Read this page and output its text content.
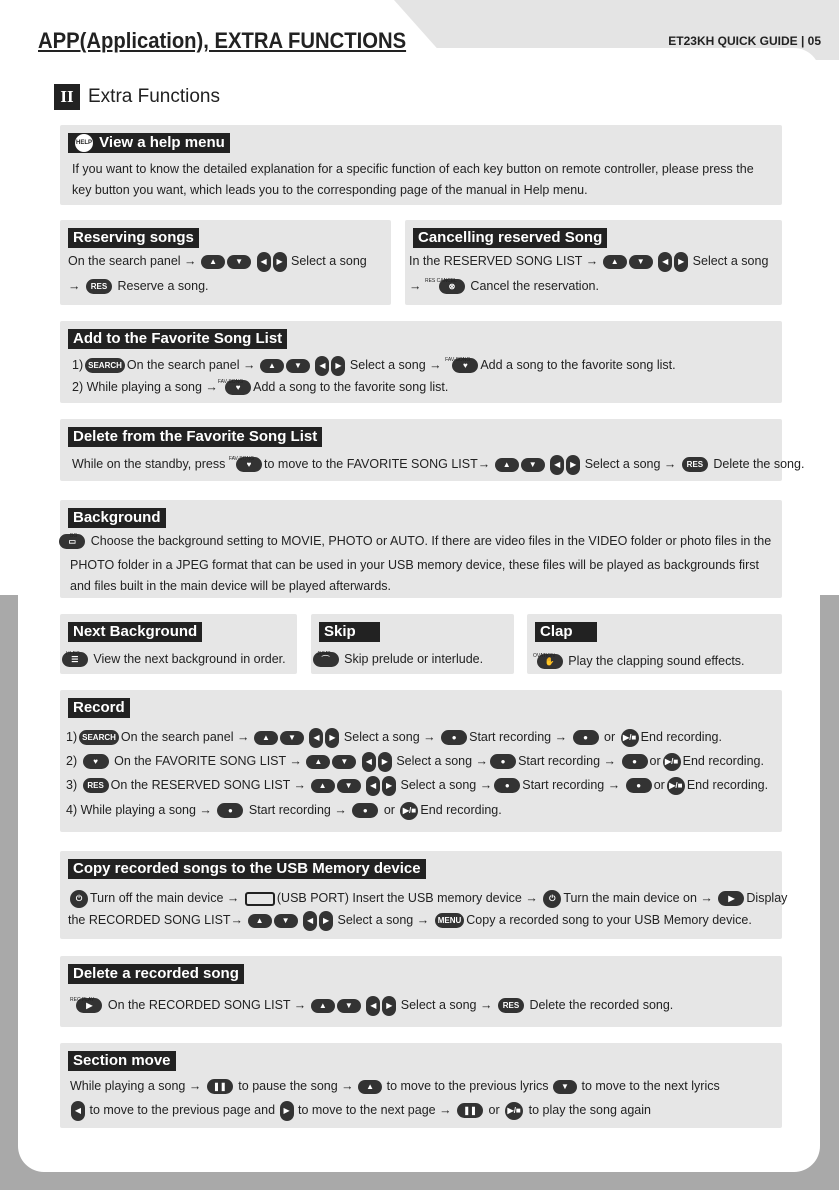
APP(Application), EXTRA FUNCTIONS	ET23KH QUICK GUIDE | 05
II Extra Functions
HELP View a help menu
If you want to know the detailed explanation for a specific function of each key button on remote controller, please press the key button you want, which leads you to the corresponding page of the manual in Help menu.
Reserving songs
On the search panel → ▲ ▼ ◀ ▶ Select a song
→ RES Reserve a song.
Cancelling reserved Song
In the RESERVED SONG LIST → ▲ ▼ ◀ ▶ Select a song
→ $^{RES CANCEL}$⊗ Cancel the reservation.
Add to the Favorite Song List
1) SEARCH On the search panel → ▲ ▼ ◀ ▶ Select a song → $^{FAV-SONG}$♥ Add a song to the favorite song list.
2) While playing a song →$^{FAV-SONG}$♥ Add a song to the favorite song list.
Delete from the Favorite Song List
While on the standby, press $^{FAV-SONG}$♥ to move to the FAVORITE SONG LIST→ ▲ ▼ ◀ ▶ Select a song → RES Delete the song.
Background
$^{BG}$▭ Choose the background setting to MOVIE, PHOTO or AUTO. If there are video files in the VIDEO folder or photo files in the PHOTO folder in a JPEG format that can be used in your USB memory device, these files will be played as backgrounds first and files built in the main device will be played afterwards.
Next Background
$^{HI-BG}$☰ View the next background in order.
Skip
$^{JUMP}$⌒ Skip prelude or interlude.
Clap
$^{OVATION}$✋ Play the clapping sound effects.
Record
1) SEARCH On the search panel → ▲ ▼ ◀ ▶ Select a song → ● Start recording → ● or ▶/■ End recording.
2) ♥ On the FAVORITE SONG LIST → ▲ ▼ ◀ ▶ Select a song → ● Start recording → ● or ▶/■ End recording.
3) RES On the RESERVED SONG LIST → ▲ ▼ ◀ ▶ Select a song → ● Start recording → ● or ▶/■ End recording.
4) While playing a song → ● Start recording → ● or ▶/■ End recording.
Copy recorded songs to the USB Memory device
⏻ Turn off the main device →	(USB PORT) Insert the USB memory device → ⏻ Turn the main device on → ▶ Display
the RECORDED SONG LIST→ ▲ ▼ ◀ ▶ Select a song → MENU Copy a recorded song to your USB Memory device.
Delete a recorded song
$^{REC PLAY}$▶ On the RECORDED SONG LIST → ▲ ▼ ◀ ▶ Select a song → RES Delete the recorded song.
Section move
While playing a song → ❚❚ to pause the song → ▲ to move to the previous lyrics ▼ to move to the next lyrics
◀ to move to the previous page and ▶ to move to the next page → ❚❚ or ▶/■ to play the song again
